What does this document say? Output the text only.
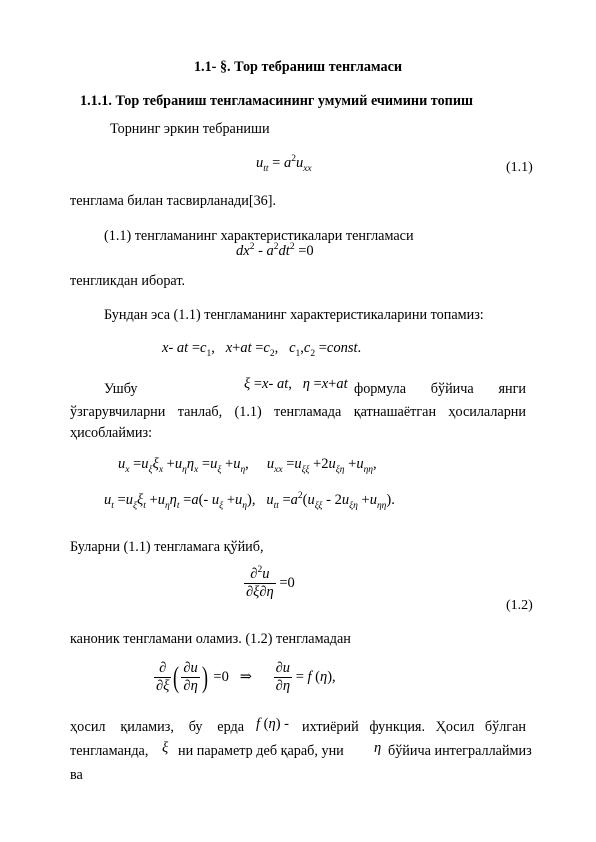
1.1- §. Тор тебраниш тенгламаси
1.1.1. Тор тебраниш тенгламасининг умумий ечимини топиш
Торнинг эркин тебраниши
$u_{tt} = a^2u_{xx}$	(1.1)
тенглама билан тасвирланади[36].
(1.1) тенгламанинг характеристикалари тенгламаси
$dx^2 - a^2dt^2 =0$
тенгликдан иборат.
Бундан эса (1.1) тенгламанинг характеристикаларини топамиз:
x- at $=c_1$,   $x+at =c_2$,   $c_1,c_2$ =const.
Ушбу	ξ =x- at,   η =x+at формула бўйича янги
ўзгарувчиларни танлаб, (1.1) тенгламада қатнашаётган ҳосилаларни
ҳисоблаймиз:
$u_x =u_\xi\xi_x +u_\eta\eta_x =u_\xi +u_\eta$,     $u_{xx} =u_{\xi\xi} +2u_{\xi\eta} +u_{\eta\eta}$,
$u_t =u_\xi\xi_t +u_\eta\eta_t =a(-$ $u_\xi +u_\eta$),   $u_{tt} =a^2(u_{\xi\xi} - 2u_{\xi\eta} +u_{\eta\eta})$.
Буларни (1.1) тенгламага қўйиб,
$\frac{\partial^2u}{\partial\xi\partial\eta} =0$
(1.2)
каноник тенгламани оламиз. (1.2) тенгламадан
$\frac{\partial}{\partial\xi}$ ( $\frac{\partial u}{\partial\eta}$ ) =0 ⇒ $\frac{\partial u}{\partial\eta} = f$ (η),
ҳосил қиламиз, бу ерда f (η) - ихтиёрий функция. Ҳосил бўлган
тенгламанда, ξ ни параметр деб қараб, уни η бўйича интеграллаймиз
ва
